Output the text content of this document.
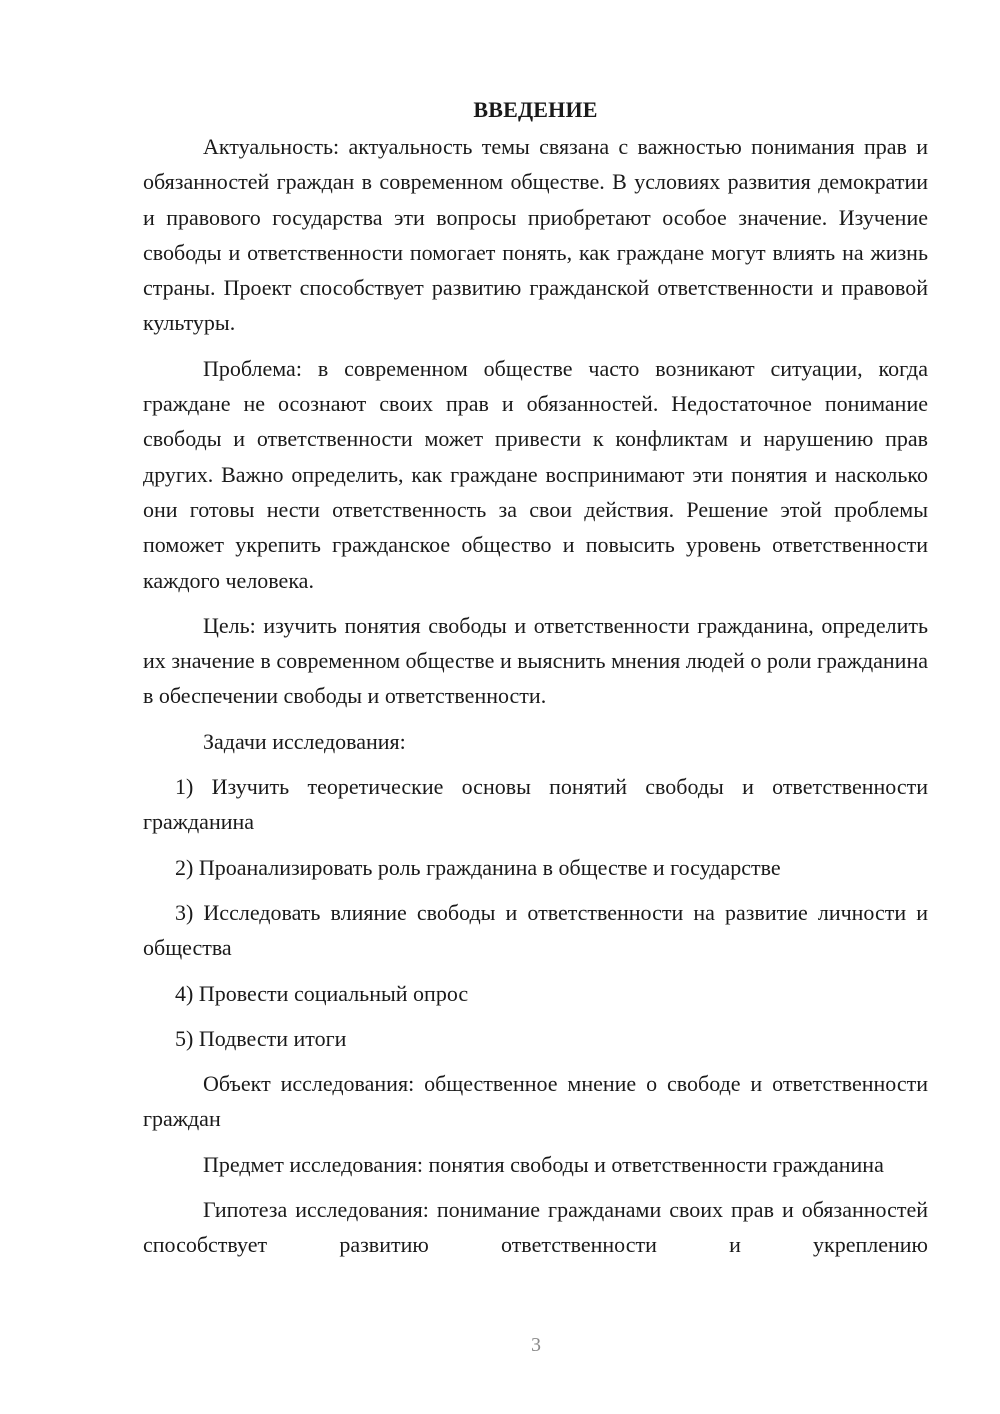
ВВЕДЕНИЕ

Актуальность: актуальность темы связана с важностью понимания прав и обязанностей граждан в современном обществе. В условиях развития демократии и правового государства эти вопросы приобретают особое значение. Изучение свободы и ответственности помогает понять, как граждане могут влиять на жизнь страны. Проект способствует развитию гражданской ответственности и правовой культуры.

Проблема: в современном обществе часто возникают ситуации, когда граждане не осознают своих прав и обязанностей. Недостаточное понимание свободы и ответственности может привести к конфликтам и нарушению прав других. Важно определить, как граждане воспринимают эти понятия и насколько они готовы нести ответственность за свои действия. Решение этой проблемы поможет укрепить гражданское общество и повысить уровень ответственности каждого человека.

Цель: изучить понятия свободы и ответственности гражданина, определить их значение в современном обществе и выяснить мнения людей о роли гражданина в обеспечении свободы и ответственности.

Задачи исследования:

1) Изучить теоретические основы понятий свободы и ответственности гражданина

2) Проанализировать роль гражданина в обществе и государстве

3) Исследовать влияние свободы и ответственности на развитие личности и общества

4) Провести социальный опрос

5) Подвести итоги

Объект исследования: общественное мнение о свободе и ответственности граждан

Предмет исследования: понятия свободы и ответственности гражданина

Гипотеза исследования: понимание гражданами своих прав и обязанностей способствует развитию ответственности и укреплению

3
